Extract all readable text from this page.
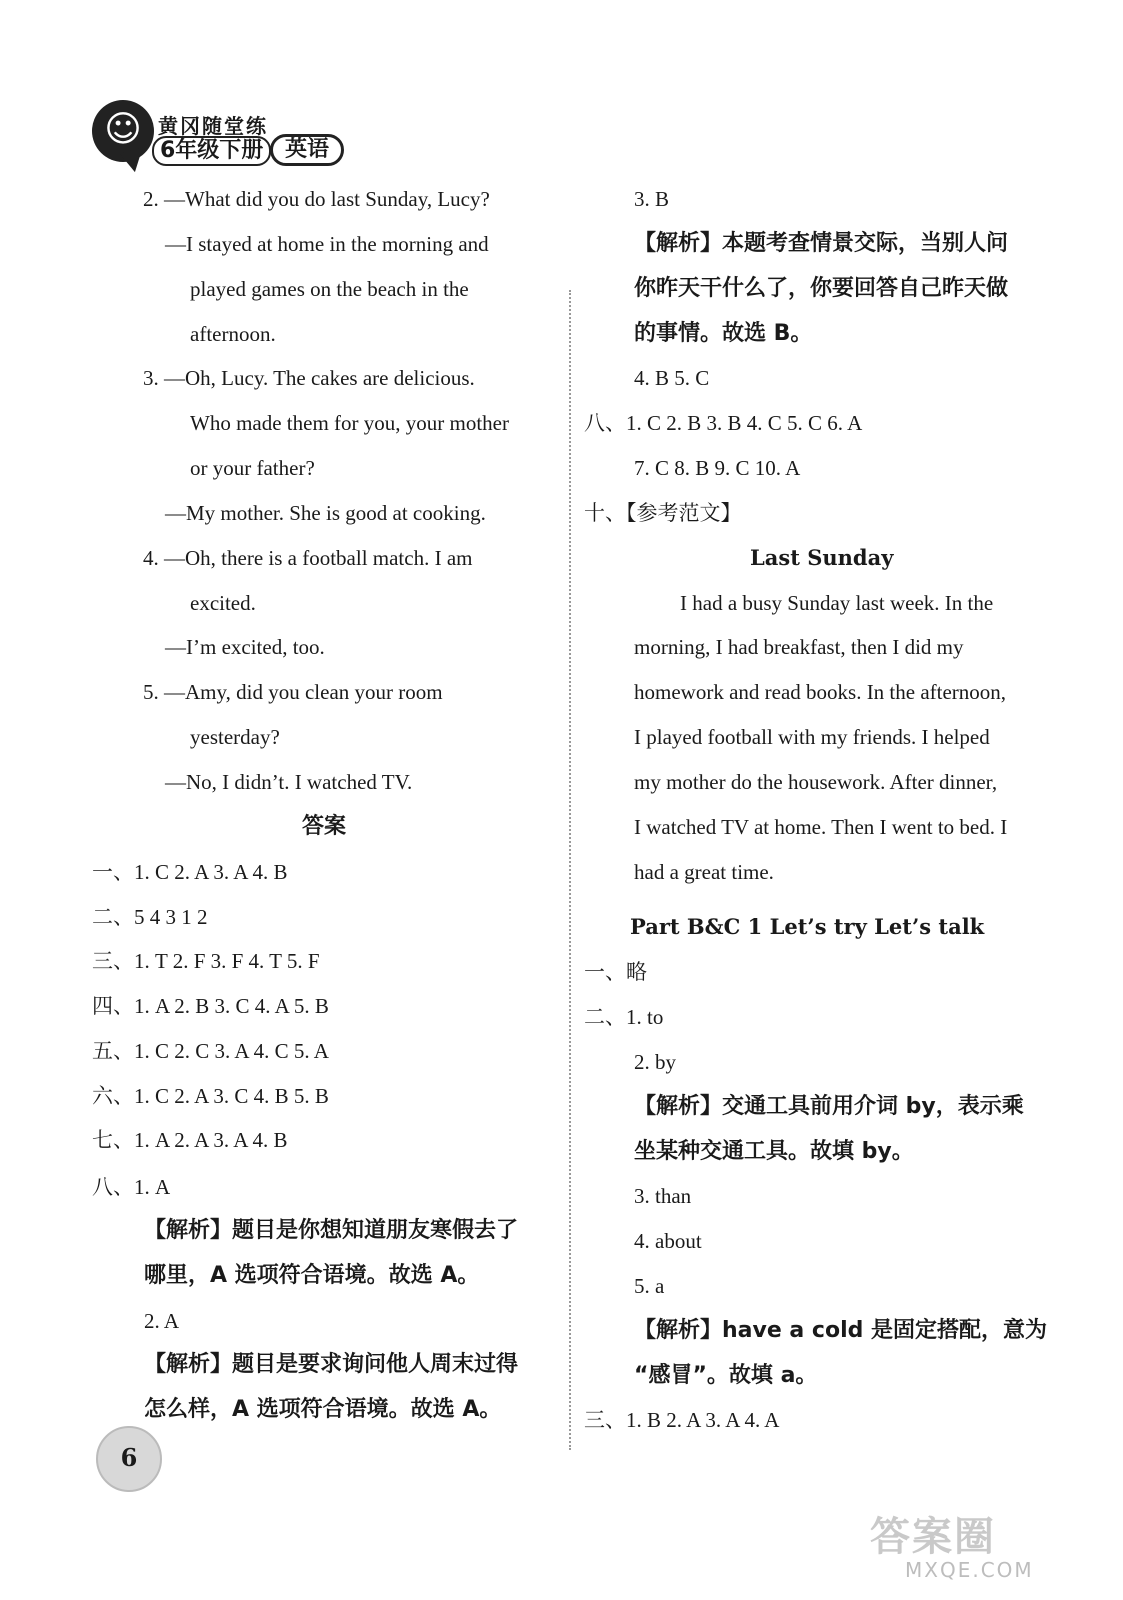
☺ 黄冈随堂练
6年级下册 英语
2. —What did you do last Sunday, Lucy?
—I stayed at home in the morning and
played games on the beach in the
afternoon.
3. —Oh, Lucy. The cakes are delicious.
Who made them for you, your mother
or your father?
—My mother. She is good at cooking.
4. —Oh, there is a football match. I am
excited.
—I’m excited, too.
5. —Amy, did you clean your room
yesterday?
—No, I didn’t. I watched TV.
答案
一、1. C 2. A 3. A 4. B
二、5 4 3 1 2
三、1. T 2. F 3. F 4. T 5. F
四、1. A 2. B 3. C 4. A 5. B
五、1. C 2. C 3. A 4. C 5. A
六、1. C 2. A 3. C 4. B 5. B
七、1. A 2. A 3. A 4. B
八、1. A
【解析】题目是你想知道朋友寒假去了
哪里，A 选项符合语境。故选 A。
2. A
【解析】题目是要求询问他人周末过得
怎么样，A 选项符合语境。故选 A。
3. B
【解析】本题考查情景交际，当别人问
你昨天干什么了，你要回答自己昨天做
的事情。故选 B。
4. B 5. C
八、1. C 2. B 3. B 4. C 5. C 6. A
7. C 8. B 9. C 10. A
十、【参考范文】
Last Sunday
I had a busy Sunday last week. In the
morning, I had breakfast, then I did my
homework and read books. In the afternoon,
I played football with my friends. I helped
my mother do the housework. After dinner,
I watched TV at home. Then I went to bed. I
had a great time.
Part B&C 1 Let’s try Let’s talk
一、略
二、1. to
2. by
【解析】交通工具前用介词 by，表示乘
坐某种交通工具。故填 by。
3. than
4. about
5. a
【解析】have a cold 是固定搭配，意为
“感冒”。故填 a。
三、1. B 2. A 3. A 4. A
6
答案圈
MXQE.COM
